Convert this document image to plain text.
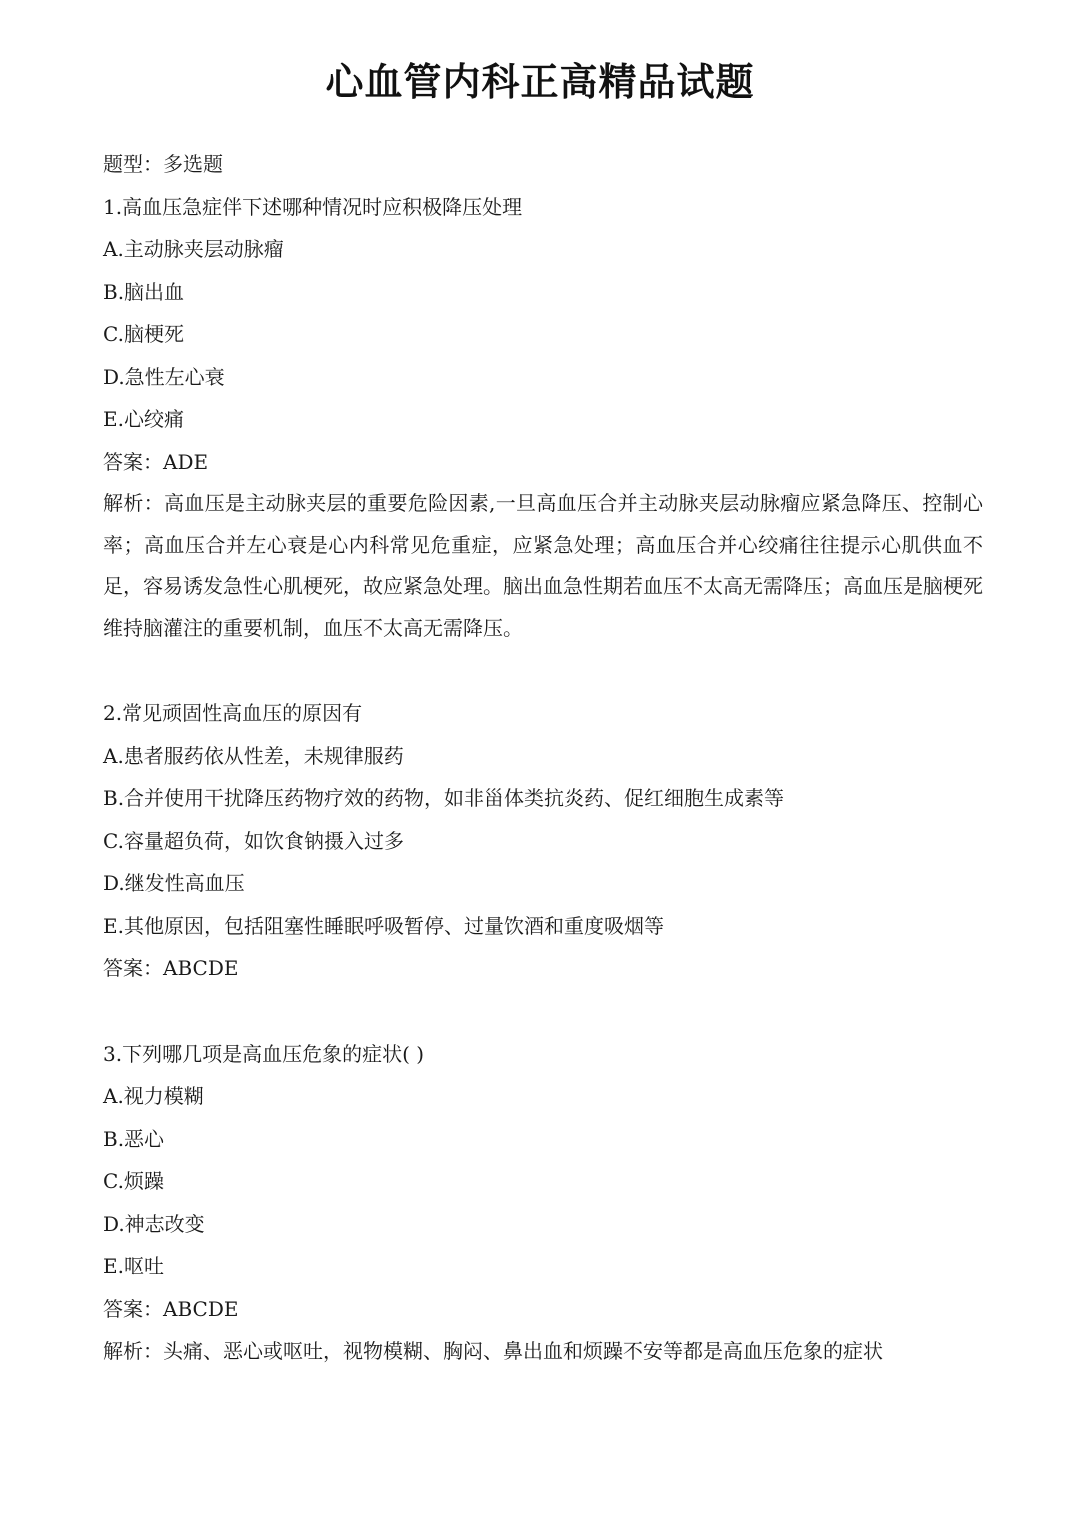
心血管内科正高精品试题
题型：多选题
1.高血压急症伴下述哪种情况时应积极降压处理
A.主动脉夹层动脉瘤
B.脑出血
C.脑梗死
D.急性左心衰
E.心绞痛
答案：ADE

解析：高血压是主动脉夹层的重要危险因素,一旦高血压合并主动脉夹层动脉瘤应紧急降压、控制心率；高血压合并左心衰是心内科常见危重症，应紧急处理；高血压合并心绞痛往往提示心肌供血不足，容易诱发急性心肌梗死，故应紧急处理。脑出血急性期若血压不太高无需降压；高血压是脑梗死维持脑灌注的重要机制，血压不太高无需降压。

2.常见顽固性高血压的原因有
A.患者服药依从性差，未规律服药
B.合并使用干扰降压药物疗效的药物，如非甾体类抗炎药、促红细胞生成素等
C.容量超负荷，如饮食钠摄入过多
D.继发性高血压
E.其他原因，包括阻塞性睡眠呼吸暂停、过量饮酒和重度吸烟等
答案：ABCDE
3.下列哪几项是高血压危象的症状( )
A.视力模糊
B.恶心
C.烦躁
D.神志改变
E.呕吐
答案：ABCDE
解析：头痛、恶心或呕吐，视物模糊、胸闷、鼻出血和烦躁不安等都是高血压危象的症状
